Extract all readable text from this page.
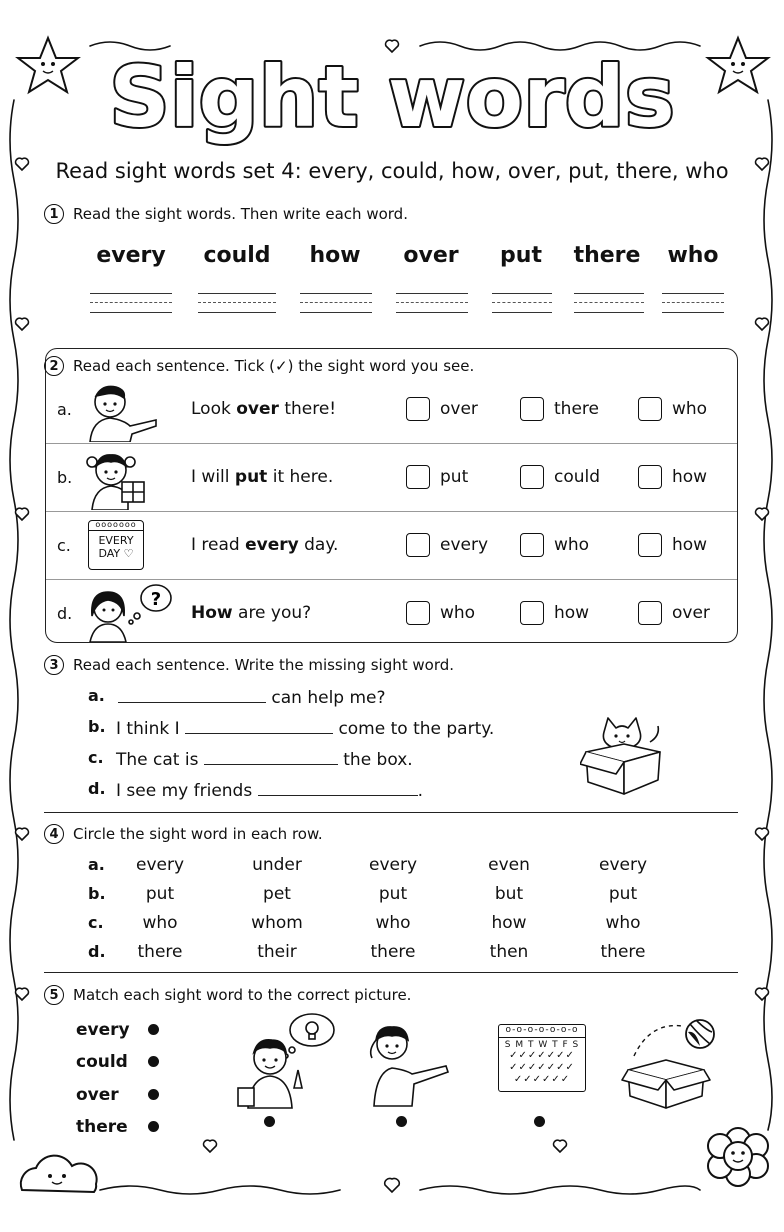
Sight words
Read sight words set 4: every, could, how, over, put, there, who
1 Read the sight words. Then write each word.
every	could	how	over	put	there	who
2 Read each sentence. Tick (✓) the sight word you see.
a.	Look over there!	over	there	who
b.	I will put it here.	put	could	how
c.
ooooooo
EVERY
DAY ♡	I read every day.	every	who	how
d.
?
How are you?	who	how	over
3 Read each sentence. Write the missing sight word.
a.	can help me?
b. I think I	come to the party.
c. The cat is	the box.
d. I see my friends	.
4 Circle the sight word in each row.
a.	every	under	every	even	every
b.	put	pet	put	but	put
c.	who	whom	who	how	who
d.	there	their	there	then	there
5 Match each sight word to the correct picture.
every
could
over
there
o-o-o-o-o-o-o
S M T W T F S
✓✓✓✓✓✓✓
✓✓✓✓✓✓✓
✓✓✓✓✓✓
